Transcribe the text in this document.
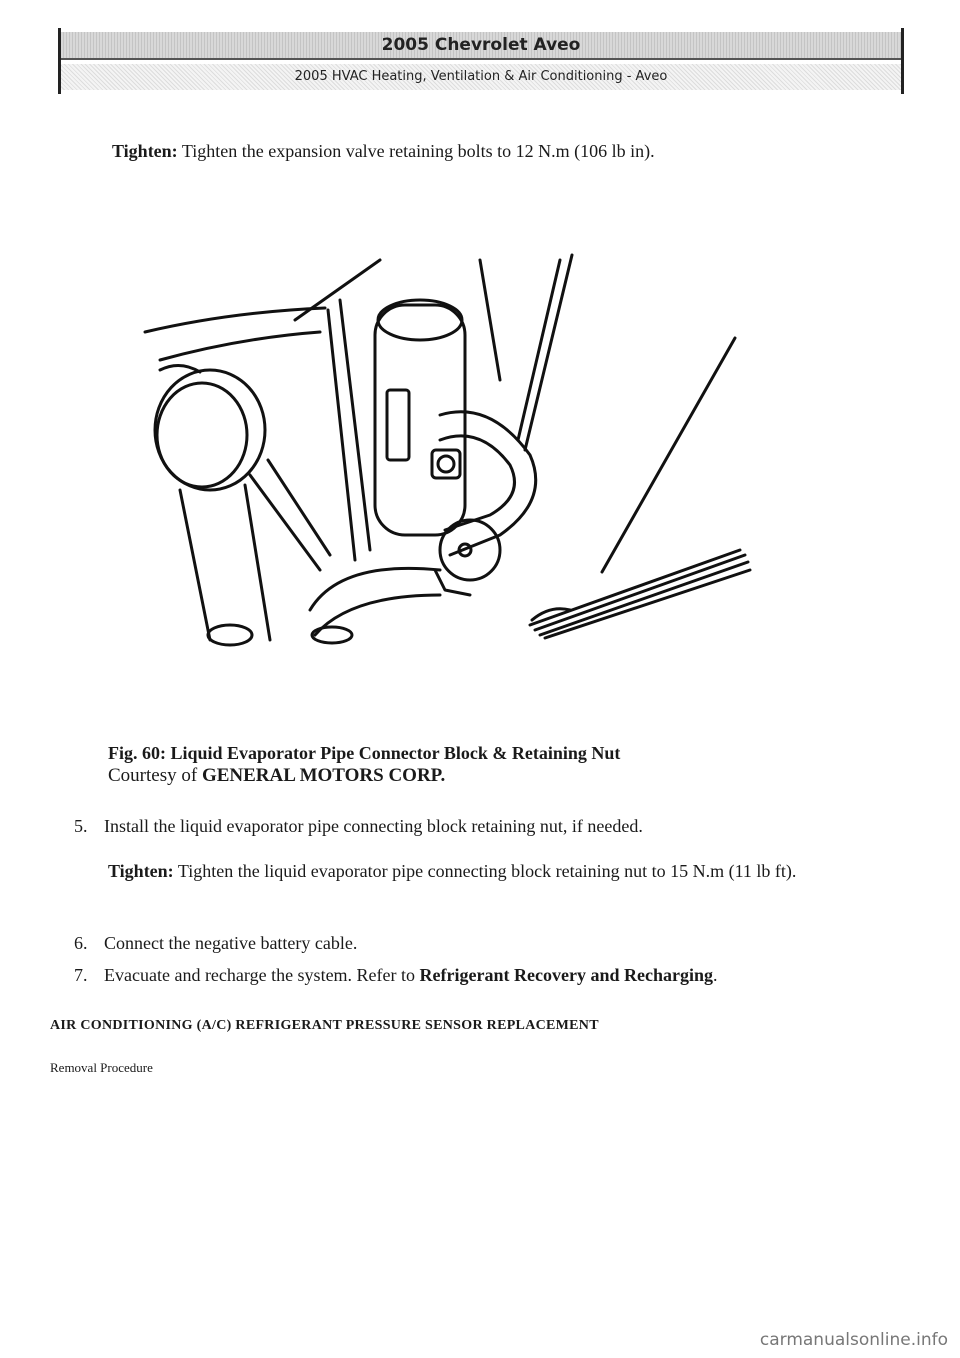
2005 Chevrolet Aveo
2005 HVAC Heating, Ventilation & Air Conditioning - Aveo

Tighten: Tighten the expansion valve retaining bolts to 12 N.m (106 lb in).

Fig. 60: Liquid Evaporator Pipe Connector Block & Retaining Nut

Courtesy of GENERAL MOTORS CORP.

5. Install the liquid evaporator pipe connecting block retaining nut, if needed.

Tighten: Tighten the liquid evaporator pipe connecting block retaining nut to 15 N.m (11 lb ft).

6. Connect the negative battery cable.

7. Evacuate and recharge the system. Refer to Refrigerant Recovery and Recharging.

AIR CONDITIONING (A/C) REFRIGERANT PRESSURE SENSOR REPLACEMENT

Removal Procedure

carmanualsonline.info
